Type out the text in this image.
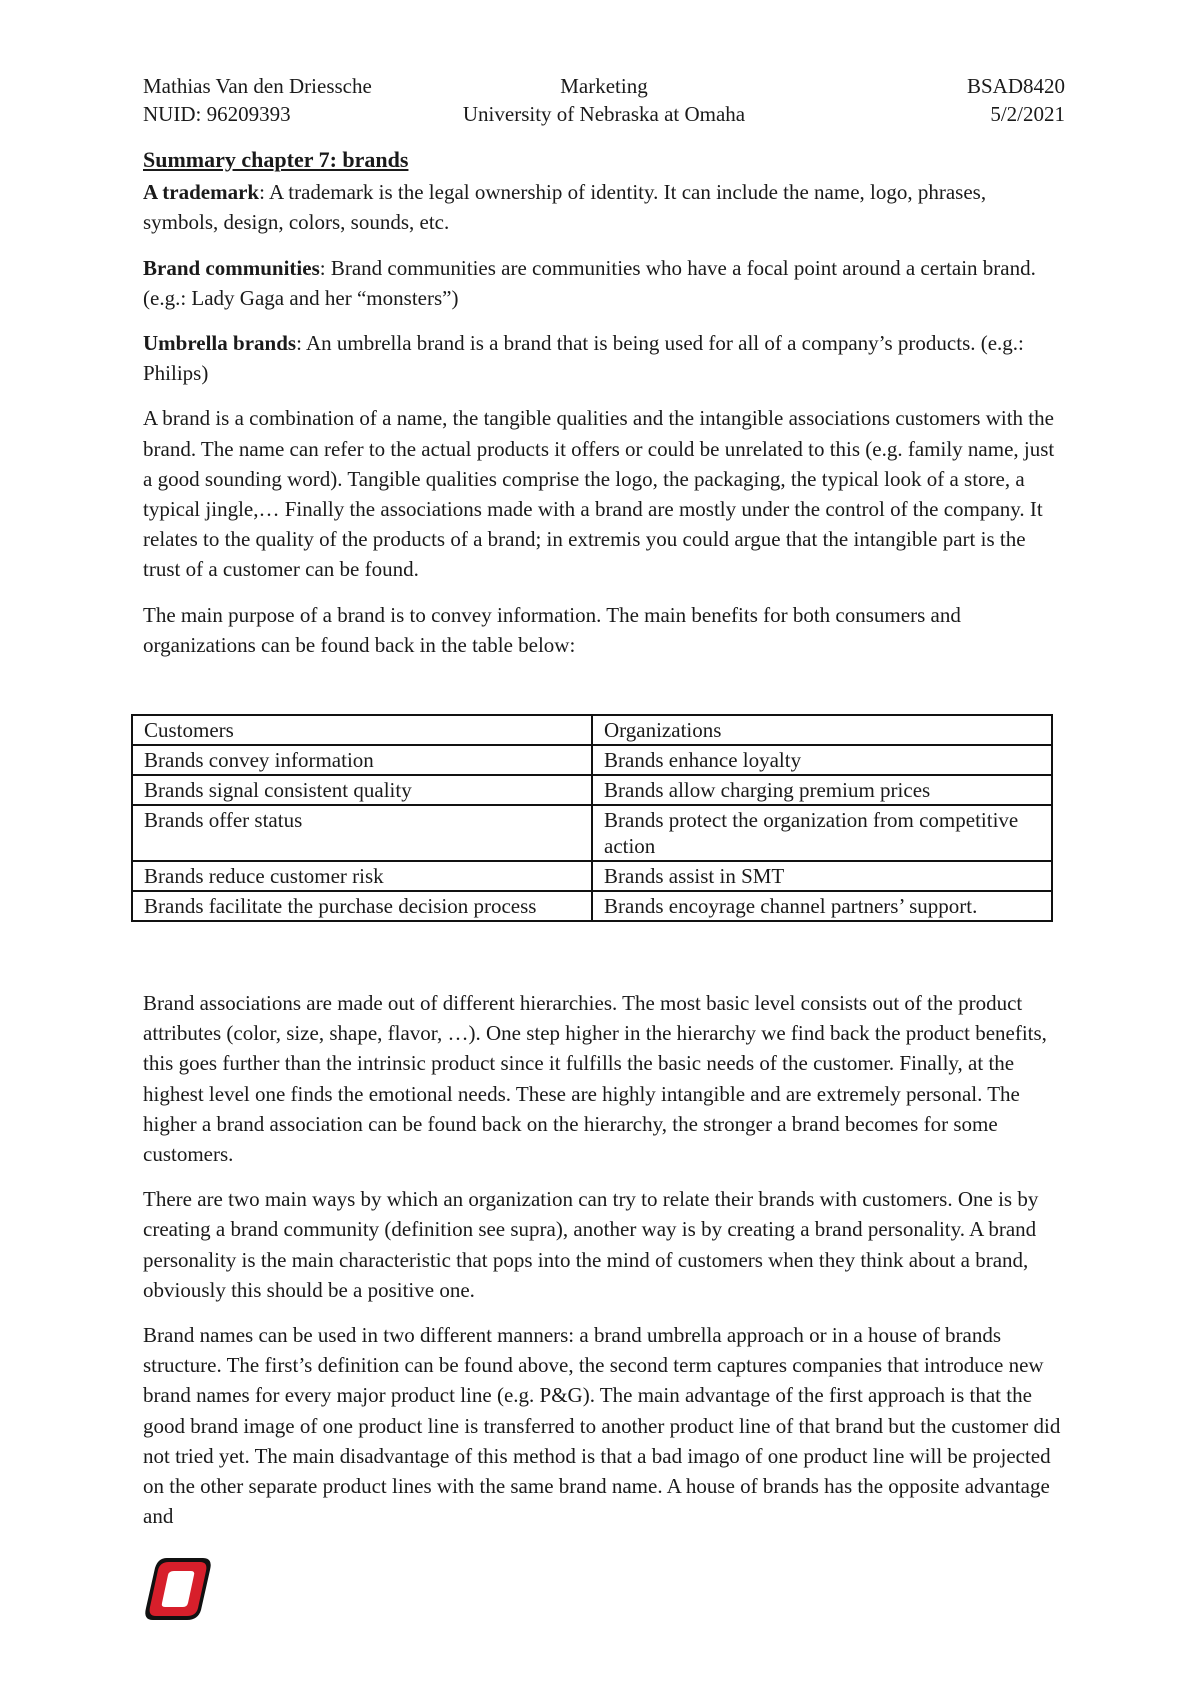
Mathias Van den Driessche	Marketing	BSAD8420
NUID: 96209393	University of Nebraska at Omaha	5/2/2021
Summary chapter 7: brands

A trademark: A trademark is the legal ownership of identity. It can include the name, logo, phrases, symbols, design, colors, sounds, etc.

Brand communities: Brand communities are communities who have a focal point around a certain brand. (e.g.: Lady Gaga and her “monsters”)

Umbrella brands: An umbrella brand is a brand that is being used for all of a company’s products. (e.g.: Philips)

A brand is a combination of a name, the tangible qualities and the intangible associations customers with the brand. The name can refer to the actual products it offers or could be unrelated to this (e.g. family name, just a good sounding word). Tangible qualities comprise the logo, the packaging, the typical look of a store, a typical jingle,… Finally the associations made with a brand are mostly under the control of the company. It relates to the quality of the products of a brand; in extremis you could argue that the intangible part is the trust of a customer can be found.

The main purpose of a brand is to convey information. The main benefits for both consumers and organizations can be found back in the table below:

Customers	Organizations
Brands convey information	Brands enhance loyalty
Brands signal consistent quality	Brands allow charging premium prices
Brands offer status	Brands protect the organization from competitive action
Brands reduce customer risk	Brands assist in SMT
Brands facilitate the purchase decision process	Brands encoyrage channel partners’ support.

Brand associations are made out of different hierarchies. The most basic level consists out of the product attributes (color, size, shape, flavor, …). One step higher in the hierarchy we find back the product benefits, this goes further than the intrinsic product since it fulfills the basic needs of the customer. Finally, at the highest level one finds the emotional needs. These are highly intangible and are extremely personal. The higher a brand association can be found back on the hierarchy, the stronger a brand becomes for some customers.

There are two main ways by which an organization can try to relate their brands with customers. One is by creating a brand community (definition see supra), another way is by creating a brand personality. A brand personality is the main characteristic that pops into the mind of customers when they think about a brand, obviously this should be a positive one.

Brand names can be used in two different manners: a brand umbrella approach or in a house of brands structure. The first’s definition can be found above, the second term captures companies that introduce new brand names for every major product line (e.g. P&G). The main advantage of the first approach is that the good brand image of one product line is transferred to another product line of that brand but the customer did not tried yet. The main disadvantage of this method is that a bad imago of one product line will be projected on the other separate product lines with the same brand name. A house of brands has the opposite advantage and
